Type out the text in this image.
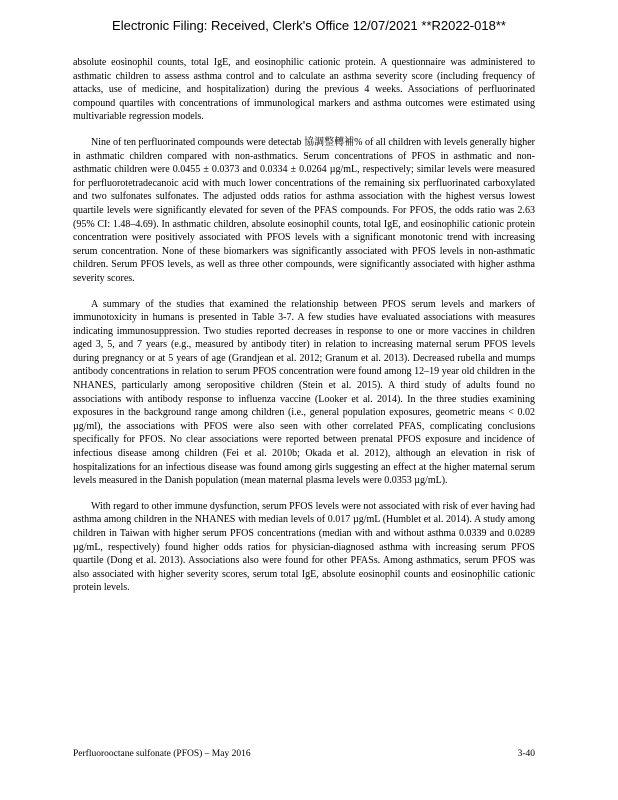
Electronic Filing: Received, Clerk's Office 12/07/2021 **R2022-018**

absolute eosinophil counts, total IgE, and eosinophilic cationic protein. A questionnaire was administered to asthmatic children to assess asthma control and to calculate an asthma severity score (including frequency of attacks, use of medicine, and hospitalization) during the previous 4 weeks. Associations of perfluorinated compound quartiles with concentrations of immunological markers and asthma outcomes were estimated using multivariable regression models.

Nine of ten perfluorinated compounds were detectab 協調整轉補% of all children with levels generally higher in asthmatic children compared with non-asthmatics. Serum concentrations of PFOS in asthmatic and non-asthmatic children were 0.0455 ± 0.0373 and 0.0334 ± 0.0264 µg/mL, respectively; similar levels were measured for perfluorotetradecanoic acid with much lower concentrations of the remaining six perfluorinated carboxylated and two sulfonates sulfonates. The adjusted odds ratios for asthma association with the highest versus lowest quartile levels were significantly elevated for seven of the PFAS compounds. For PFOS, the odds ratio was 2.63 (95% CI: 1.48–4.69). In asthmatic children, absolute eosinophil counts, total IgE, and eosinophilic cationic protein concentration were positively associated with PFOS levels with a significant monotonic trend with increasing serum concentration. None of these biomarkers was significantly associated with PFOS levels in non-asthmatic children. Serum PFOS levels, as well as three other compounds, were significantly associated with higher asthma severity scores.

A summary of the studies that examined the relationship between PFOS serum levels and markers of immunotoxicity in humans is presented in Table 3-7. A few studies have evaluated associations with measures indicating immunosuppression. Two studies reported decreases in response to one or more vaccines in children aged 3, 5, and 7 years (e.g., measured by antibody titer) in relation to increasing maternal serum PFOS levels during pregnancy or at 5 years of age (Grandjean et al. 2012; Granum et al. 2013). Decreased rubella and mumps antibody concentrations in relation to serum PFOS concentration were found among 12–19 year old children in the NHANES, particularly among seropositive children (Stein et al. 2015). A third study of adults found no associations with antibody response to influenza vaccine (Looker et al. 2014). In the three studies examining exposures in the background range among children (i.e., general population exposures, geometric means < 0.02 µg/ml), the associations with PFOS were also seen with other correlated PFAS, complicating conclusions specifically for PFOS. No clear associations were reported between prenatal PFOS exposure and incidence of infectious disease among children (Fei et al. 2010b; Okada et al. 2012), although an elevation in risk of hospitalizations for an infectious disease was found among girls suggesting an effect at the higher maternal serum levels measured in the Danish population (mean maternal plasma levels were 0.0353 µg/mL).

With regard to other immune dysfunction, serum PFOS levels were not associated with risk of ever having had asthma among children in the NHANES with median levels of 0.017 µg/mL (Humblet et al. 2014). A study among children in Taiwan with higher serum PFOS concentrations (median with and without asthma 0.0339 and 0.0289 µg/mL, respectively) found higher odds ratios for physician-diagnosed asthma with increasing serum PFOS quartile (Dong et al. 2013). Associations also were found for other PFASs. Among asthmatics, serum PFOS was also associated with higher severity scores, serum total IgE, absolute eosinophil counts and eosinophilic cationic protein levels.

Perfluorooctane sulfonate (PFOS) – May 2016	3-40
